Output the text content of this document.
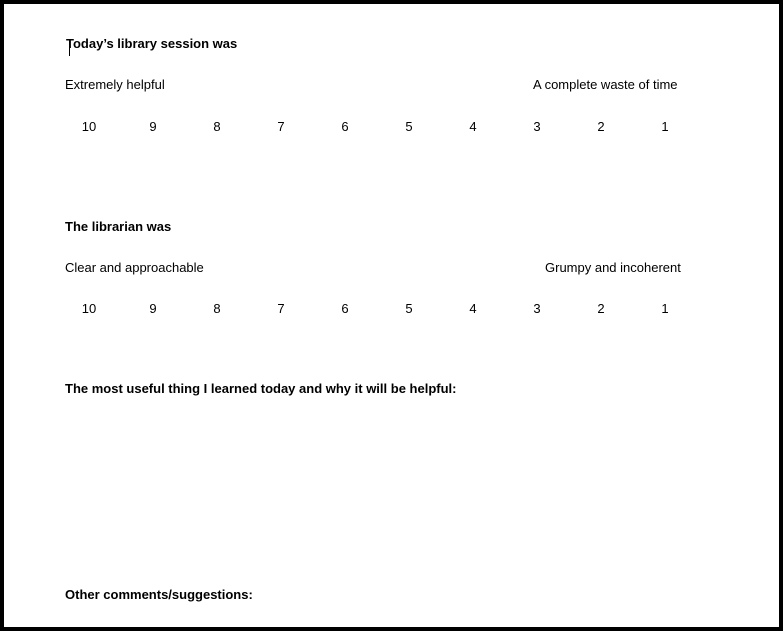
Today’s library session was
Extremely helpful	A complete waste of time
10	9	8	7	6	5	4	3	2	1
The librarian was
Clear and approachable	Grumpy and incoherent
10	9	8	7	6	5	4	3	2	1
The most useful thing I learned today and why it will be helpful:
Other comments/suggestions:
